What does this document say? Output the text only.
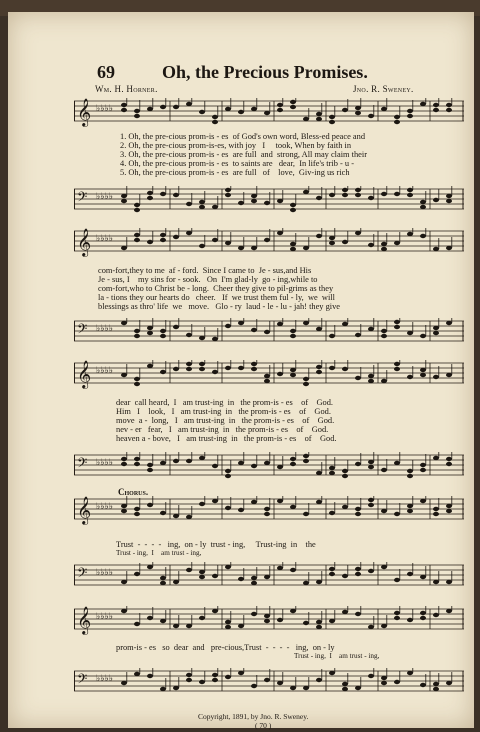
69	Oh, the Precious Promises.
Wm. H. Horner.	Jno. R. Sweney.
𝄞 ♭♭♭♭
𝄢 ♭♭♭♭
𝄞 ♭♭♭♭
𝄢 ♭♭♭♭
𝄞 ♭♭♭♭
𝄢 ♭♭♭♭
𝄞 ♭♭♭♭
𝄢 ♭♭♭♭
𝄞 ♭♭♭♭
𝄢 ♭♭♭♭
1. Oh, the pre-cious prom-is - es  of God's own word, Bless-ed peace and
2. Oh, the pre-cious prom-is-es, with joy   I     took, When by faith in
3. Oh, the pre-cious prom-is - es  are full  and  strong, All may claim their
4. Oh, the pre-cious prom-is - es  to saints are   dear,  In life's trib - u -
5. Oh, the pre-cious prom-is - es  are full   of    love,  Giv-ing us rich
com-fort,they to me  af - ford.  Since I came to  Je - sus,and His
Je - sus, I    my sins for - sook.   On  I'm glad-ly  go - ing,while to
com-fort,who to Christ be - long.  Cheer they give to pil-grims as they
la - tions they our hearts do   cheer.   If  we trust them ful - ly,  we  will
blessings as thro' life  we   move.   Glo - ry  laud - le - lu - jah! they give
dear  call heard,  I   am trust-ing  in   the prom-is - es    of    God.
Him   I    look,   I   am trust-ing  in   the prom-is - es    of    God.
move  a -  long,   I   am trust-ing  in   the prom-is - es    of    God.
nev - er   fear,   I   am trust-ing  in   the prom-is - es    of    God.
heaven a - bove,   I   am trust-ing  in   the prom-is - es    of    God.
Chorus.
Trust  -  -  -  -   ing,  on - ly  trust - ing,     Trust-ing  in    the
Trust - ing,  I    am trust - ing,
prom-is - es   so  dear  and   pre-cious,Trust  -  -  -  -   ing,  on - ly
Trust - ing,  I    am trust - ing,
Copyright, 1891, by Jno. R. Sweney.
( 70 )
